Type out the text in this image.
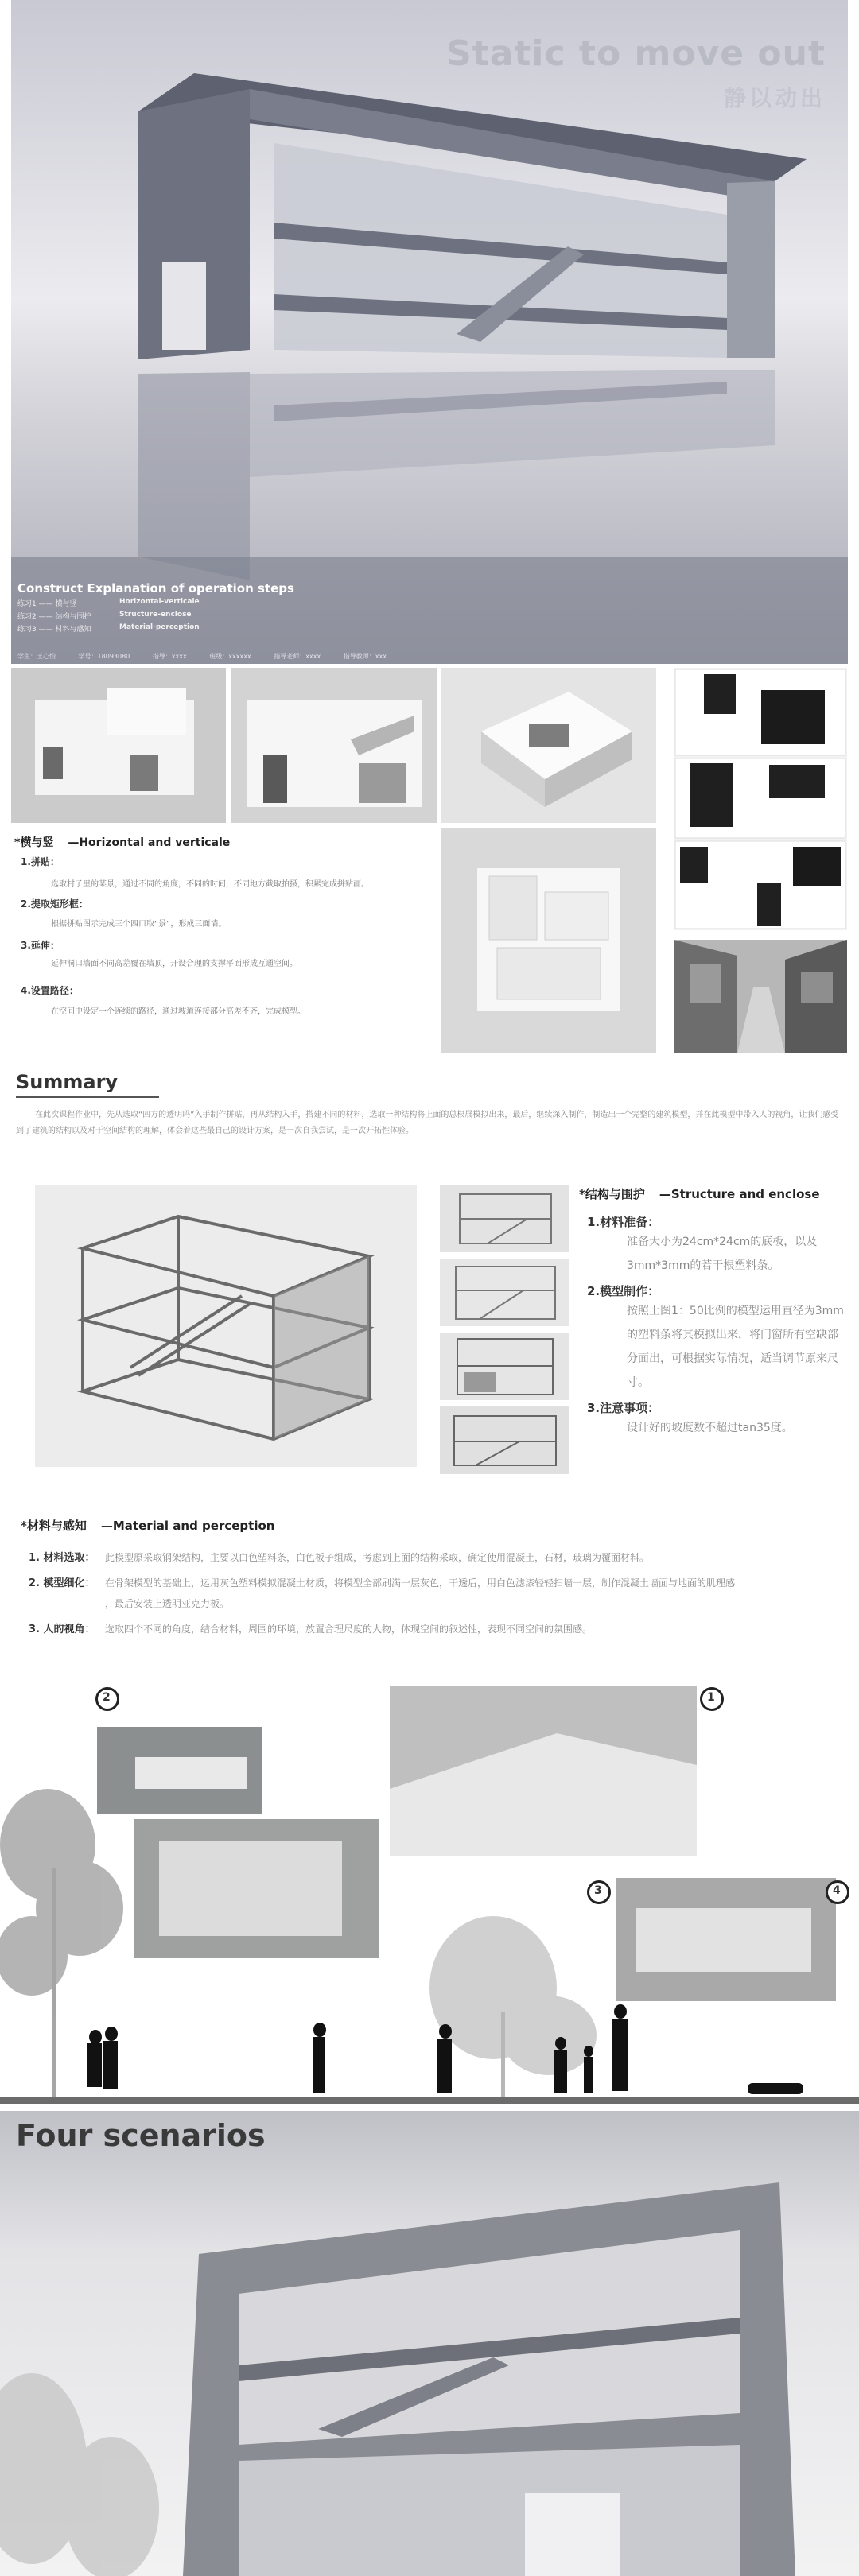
Static to move out
静以动出
Construct Explanation of operation steps
练习1 —— 横与竖	Horizontal-verticale
练习2 —— 结构与围护	Structure-enclose
练习3 —— 材料与感知	Material-perception
学生：王心怡	学号：18093080	指导：xxxx	班级：xxxxxx	指导老师：xxxx	指导教师：xxx
*横与竖 —Horizontal and verticale
1.拼贴：
选取村子里的某景，通过不同的角度，不同的时间，不同地方截取拍摄，积累完成拼贴画。
2.提取矩形框：
根据拼贴图示完成三个四口取“景”，形成三面墙。
3.延伸：
延伸洞口墙面不同高差覆在墙顶，开设合理的支撑平面形成互通空间。
4.设置路径：
在空间中设定一个连续的路径，通过坡道连接部分高差不齐，完成模型。
Summary
在此次课程作业中，先从选取“四方的透明吗”入手制作拼贴，再从结构入手，搭建不同的材料，选取一种结构将上面的总根展模拟出来，最后，继续深入制作，制造出一个完整的建筑模型，并在此模型中带入人的视角，让我们感受到了建筑的结构以及对于空间结构的理解，体会着这些最自己的设计方案，是一次自我尝试，是一次开拓性体验。
*结构与围护 —Structure and enclose
1.材料准备：
准备大小为24cm*24cm的底板，以及3mm*3mm的若干根塑料条。
2.模型制作：
按照上图1：50比例的模型运用直径为3mm的塑料条将其模拟出来，将门窗所有空缺部分面出，可根据实际情况，适当调节原来尺寸。
3.注意事项：
设计好的坡度数不超过tan35度。
*材料与感知 —Material and perception
1. 材料选取： 此模型原采取钢架结构，主要以白色塑料条，白色板子组成，考虑到上面的结构采取，确定使用混凝土，石材，玻璃为覆面材料。
2. 模型细化： 在骨架模型的基础上，运用灰色塑料模拟混凝土材质，将模型全部刷满一层灰色，干透后，用白色滤漆轻轻扫墙一层，制作混凝土墙面与地面的肌理感
，最后安装上透明亚克力板。
3. 人的视角： 选取四个不同的角度，结合材料，周围的环境，放置合理尺度的人物，体现空间的叙述性，表现不同空间的氛围感。
2	1
3	4
Four scenarios
